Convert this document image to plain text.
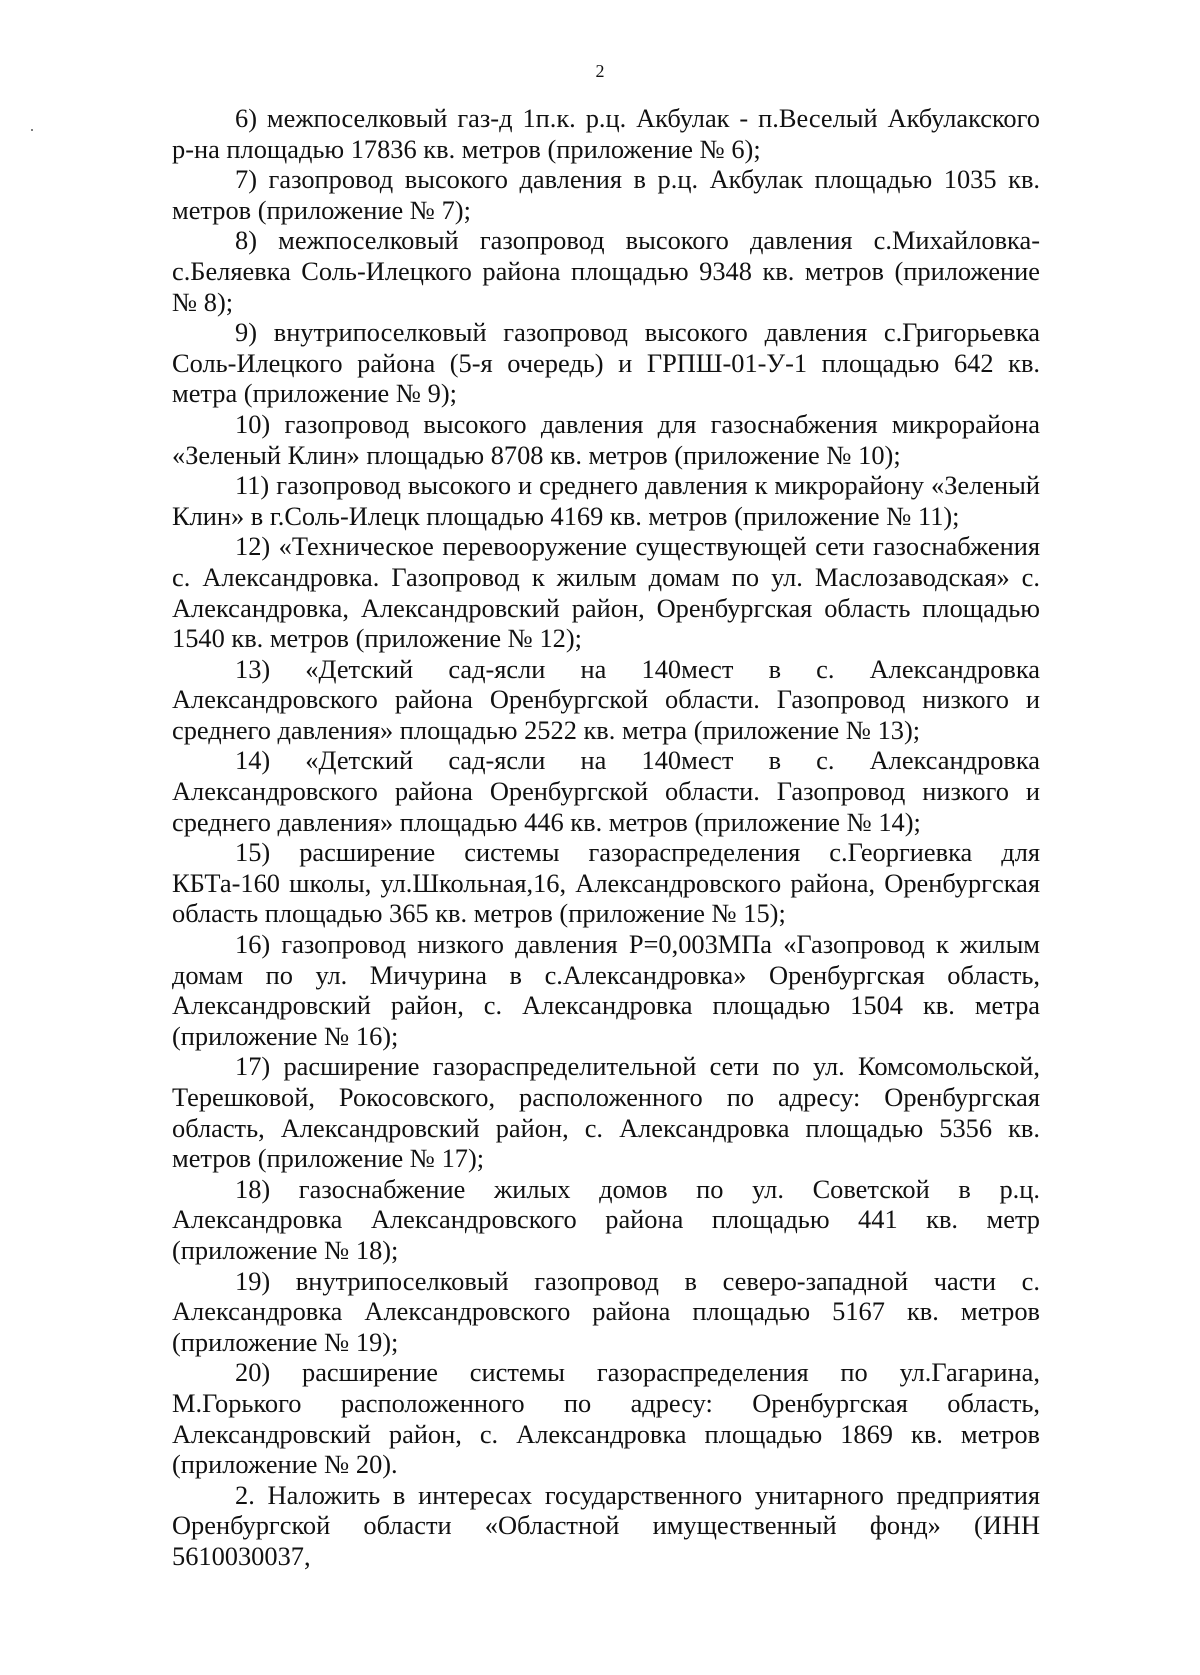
2

6) межпоселковый газ-д 1п.к. р.ц. Акбулак - п.Веселый Акбулакского р-на площадью 17836 кв. метров (приложение № 6);

7) газопровод высокого давления в р.ц. Акбулак площадью 1035 кв. метров (приложение № 7);

8) межпоселковый газопровод высокого давления с.Михайловка-с.Беляевка Соль-Илецкого района площадью 9348 кв. метров (приложение № 8);

9) внутрипоселковый газопровод высокого давления с.Григорьевка Соль-Илецкого района (5-я очередь) и ГРПШ-01-У-1 площадью 642 кв. метра (приложение № 9);

10) газопровод высокого давления для газоснабжения микрорайона «Зеленый Клин» площадью 8708 кв. метров (приложение № 10);

11) газопровод высокого и среднего давления к микрорайону «Зеленый Клин» в г.Соль-Илецк площадью 4169 кв. метров (приложение № 11);

12) «Техническое перевооружение существующей сети газоснабжения с. Александровка. Газопровод к жилым домам по ул. Маслозаводская» с. Александровка, Александровский район, Оренбургская область площадью 1540 кв. метров (приложение № 12);

13) «Детский сад-ясли на 140мест в с. Александровка Александровского района Оренбургской области. Газопровод низкого и среднего давления» площадью 2522 кв. метра (приложение № 13);

14) «Детский сад-ясли на 140мест в с. Александровка Александровского района Оренбургской области. Газопровод низкого и среднего давления» площадью 446 кв. метров (приложение № 14);

15) расширение системы газораспределения с.Георгиевка для КБТа-160 школы, ул.Школьная,16, Александровского района, Оренбургская область площадью 365 кв. метров (приложение № 15);

16) газопровод низкого давления P=0,003МПа «Газопровод к жилым домам по ул. Мичурина в с.Александровка» Оренбургская область, Александровский район, с. Александровка площадью 1504 кв. метра (приложение № 16);

17) расширение газораспределительной сети по ул. Комсомольской, Терешковой, Рокосовского, расположенного по адресу: Оренбургская область, Александровский район, с. Александровка площадью 5356 кв. метров (приложение № 17);

18) газоснабжение жилых домов по ул. Советской в р.ц. Александровка Александровского района площадью 441 кв. метр (приложение № 18);

19) внутрипоселковый газопровод в северо-западной части с. Александровка Александровского района площадью 5167 кв. метров (приложение № 19);

20) расширение системы газораспределения по ул.Гагарина, М.Горького расположенного по адресу: Оренбургская область, Александровский район, с. Александровка площадью 1869 кв. метров (приложение № 20).

2. Наложить в интересах государственного унитарного предприятия Оренбургской области «Областной имущественный фонд» (ИНН 5610030037,
